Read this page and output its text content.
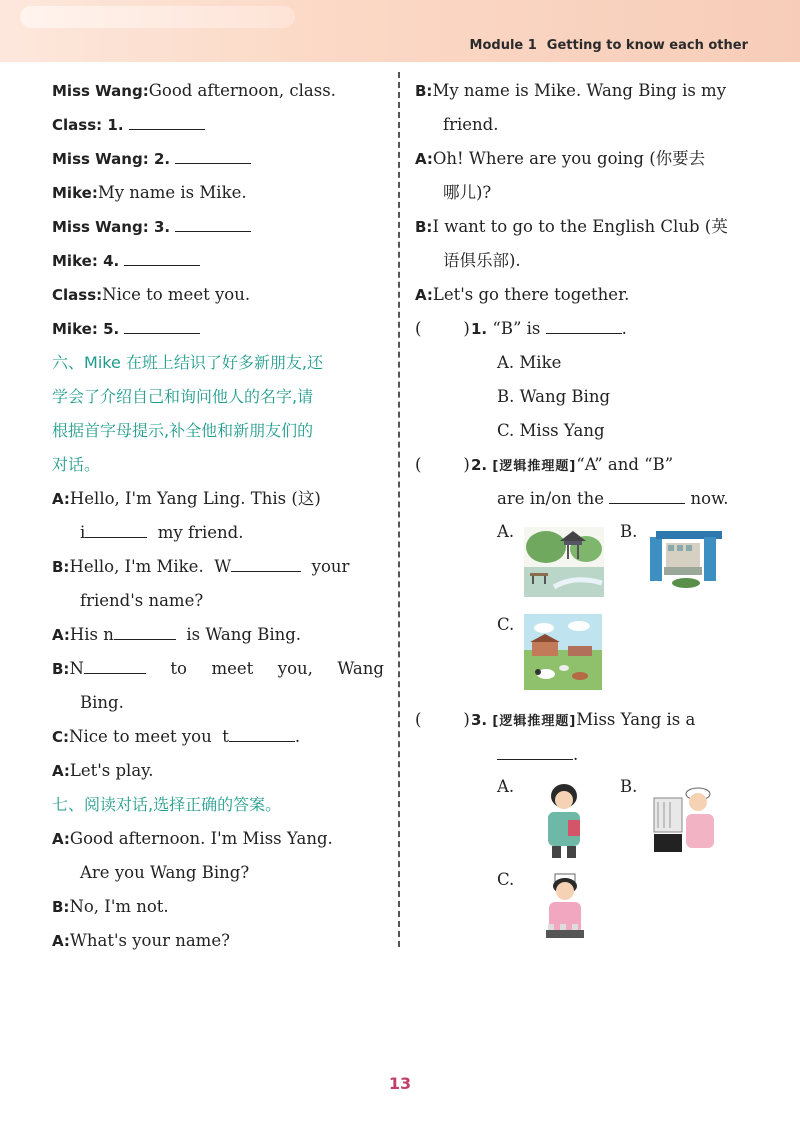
Module 1 Getting to know each other
Miss Wang:Good afternoon, class.
Class: 1.
Miss Wang: 2.
Mike:My name is Mike.
Miss Wang: 3.
Mike: 4.
Class:Nice to meet you.
Mike: 5.
六、Mike 在班上结识了好多新朋友,还
学会了介绍自己和询问他人的名字,请
根据首字母提示,补全他和新朋友们的
对话。
A:Hello, I'm Yang Ling. This (这)
i	my friend.
B:Hello, I'm Mike. W	your
friend's name?
A:His n	is Wang Bing.
B:N	to meet you, Wang
Bing.
C:Nice to meet you t	.
A:Let's play.
七、阅读对话,选择正确的答案。
A:Good afternoon. I'm Miss Yang.
Are you Wang Bing?
B:No, I'm not.
A:What's your name?
B:My name is Mike. Wang Bing is my
friend.
A:Oh! Where are you going (你要去
哪儿)?
B:I want to go to the English Club (英
语俱乐部).
A:Let's go there together.
(	)1. “B” is	.
A. Mike
B. Wang Bing
C. Miss Yang
(	)2. [逻辑推理题]“A” and “B”
are in/on the	now.
A.	B.
C.
(	)3. [逻辑推理题]Miss Yang is a
.
A.	B.
C.
13
